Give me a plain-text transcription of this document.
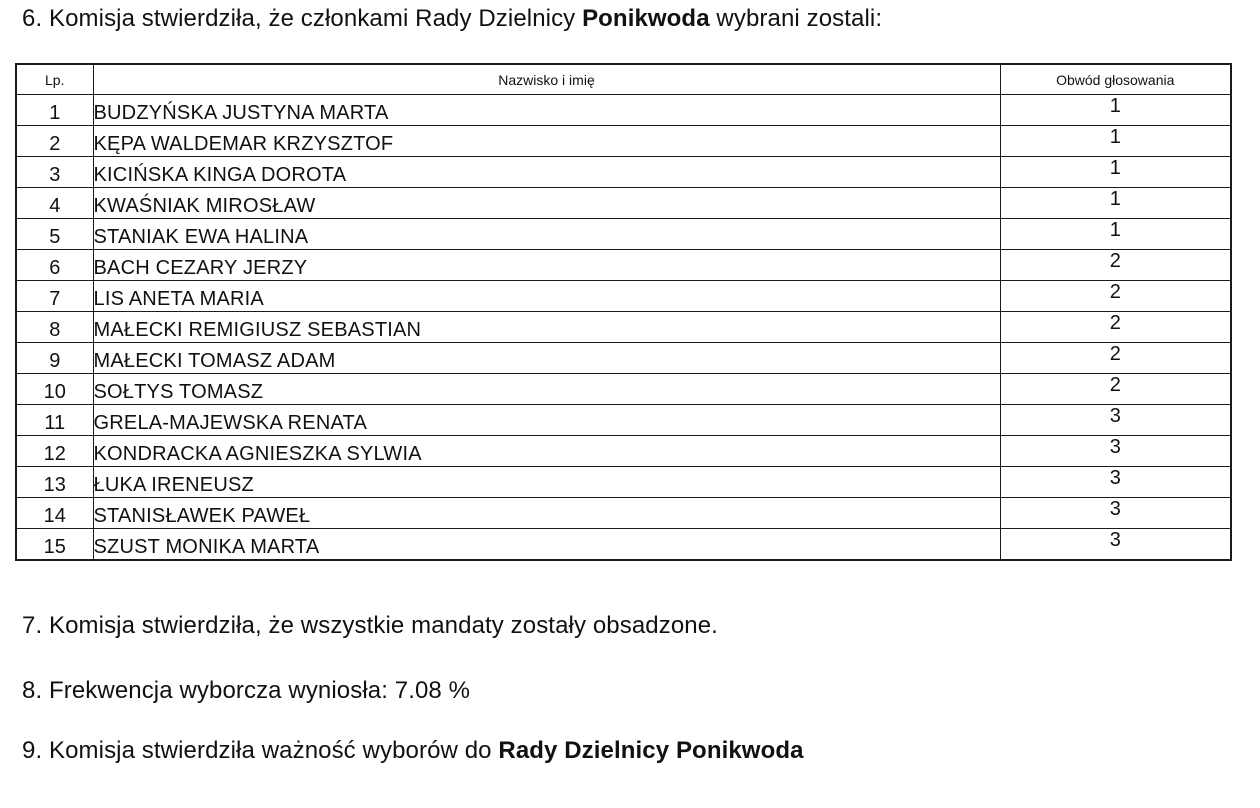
6. Komisja stwierdziła, że członkami Rady Dzielnicy Ponikwoda wybrani zostali:
Lp.	Nazwisko i imię	Obwód głosowania
1	BUDZYŃSKA JUSTYNA MARTA	1
2	KĘPA WALDEMAR KRZYSZTOF	1
3	KICIŃSKA KINGA DOROTA	1
4	KWAŚNIAK MIROSŁAW	1
5	STANIAK EWA HALINA	1
6	BACH CEZARY JERZY	2
7	LIS ANETA MARIA	2
8	MAŁECKI REMIGIUSZ SEBASTIAN	2
9	MAŁECKI TOMASZ ADAM	2
10	SOŁTYS TOMASZ	2
11	GRELA-MAJEWSKA RENATA	3
12	KONDRACKA AGNIESZKA SYLWIA	3
13	ŁUKA IRENEUSZ	3
14	STANISŁAWEK PAWEŁ	3
15	SZUST MONIKA MARTA	3
7. Komisja stwierdziła, że wszystkie mandaty zostały obsadzone.
8. Frekwencja wyborcza wyniosła: 7.08 %
9. Komisja stwierdziła ważność wyborów do Rady Dzielnicy Ponikwoda
